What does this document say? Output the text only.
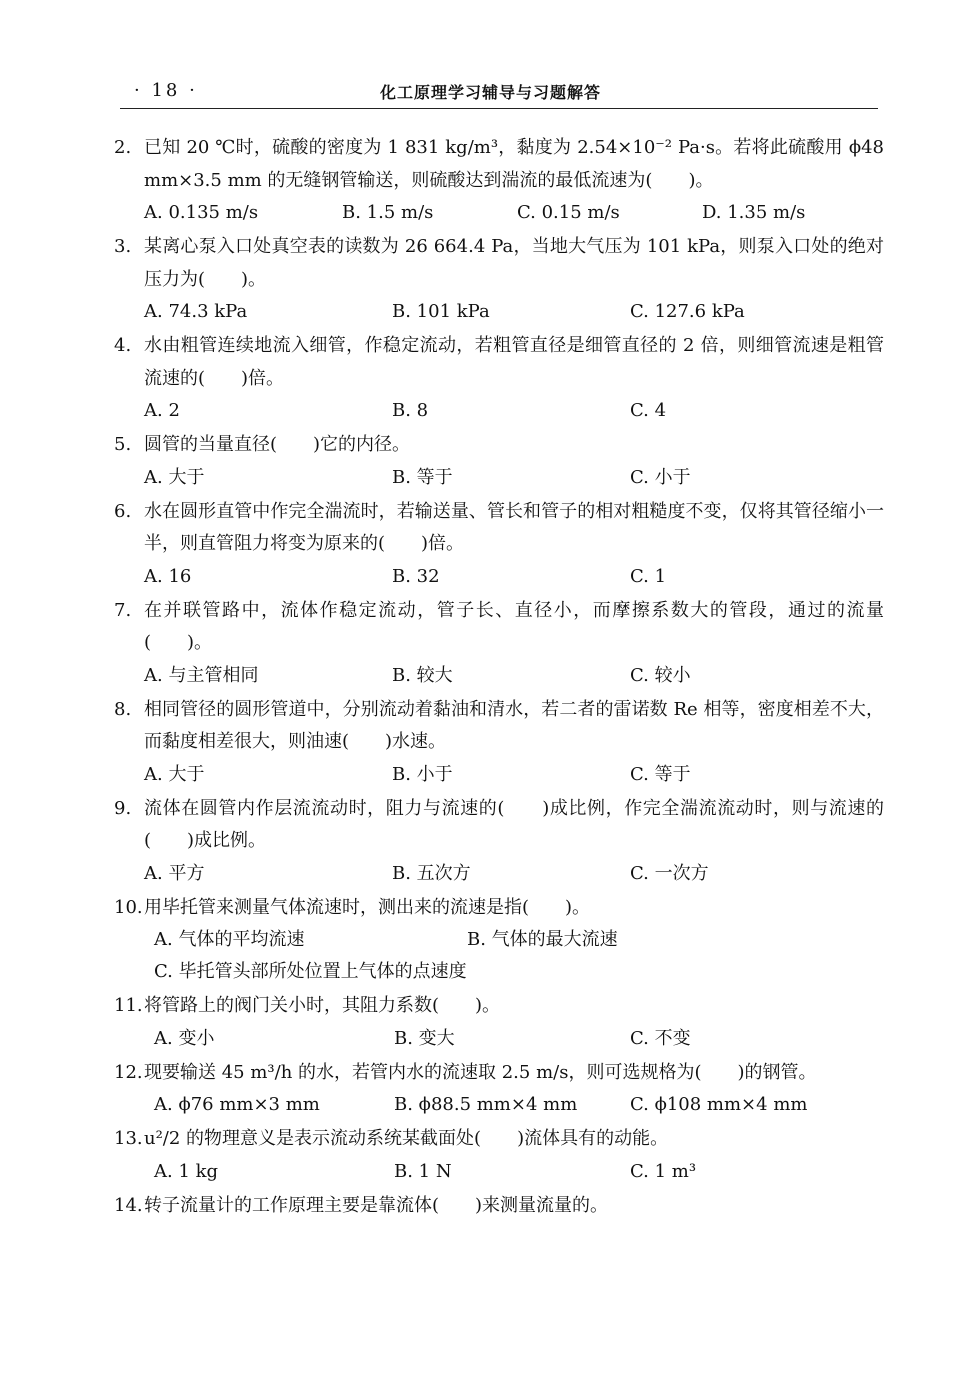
· 18 ·	化工原理学习辅导与习题解答
2. 已知 20 ℃时，硫酸的密度为 1 831 kg/m³，黏度为 2.54×10⁻² Pa·s。若将此硫酸用 ϕ48 mm×3.5 mm 的无缝钢管输送，则硫酸达到湍流的最低流速为(　　)。
A. 0.135 m/s	B. 1.5 m/s	C. 0.15 m/s	D. 1.35 m/s
3. 某离心泵入口处真空表的读数为 26 664.4 Pa，当地大气压为 101 kPa，则泵入口处的绝对压力为(　　)。
A. 74.3 kPa	B. 101 kPa	C. 127.6 kPa
4. 水由粗管连续地流入细管，作稳定流动，若粗管直径是细管直径的 2 倍，则细管流速是粗管流速的(　　)倍。
A. 2	B. 8	C. 4
5. 圆管的当量直径(　　)它的内径。
A. 大于	B. 等于	C. 小于
6. 水在圆形直管中作完全湍流时，若输送量、管长和管子的相对粗糙度不变，仅将其管径缩小一半，则直管阻力将变为原来的(　　)倍。
A. 16	B. 32	C. 1
7. 在并联管路中，流体作稳定流动，管子长、直径小，而摩擦系数大的管段，通过的流量(　　)。
A. 与主管相同	B. 较大	C. 较小
8. 相同管径的圆形管道中，分别流动着黏油和清水，若二者的雷诺数 Re 相等，密度相差不大，而黏度相差很大，则油速(　　)水速。
A. 大于	B. 小于	C. 等于
9. 流体在圆管内作层流流动时，阻力与流速的(　　)成比例，作完全湍流流动时，则与流速的(　　)成比例。
A. 平方	B. 五次方	C. 一次方
10. 用毕托管来测量气体流速时，测出来的流速是指(　　)。
A. 气体的平均流速	B. 气体的最大流速
C. 毕托管头部所处位置上气体的点速度
11. 将管路上的阀门关小时，其阻力系数(　　)。
A. 变小	B. 变大	C. 不变
12. 现要输送 45 m³/h 的水，若管内水的流速取 2.5 m/s，则可选规格为(　　)的钢管。
A. ϕ76 mm×3 mm	B. ϕ88.5 mm×4 mm	C. ϕ108 mm×4 mm
13. u²/2 的物理意义是表示流动系统某截面处(　　)流体具有的动能。
A. 1 kg	B. 1 N	C. 1 m³
14. 转子流量计的工作原理主要是靠流体(　　)来测量流量的。
